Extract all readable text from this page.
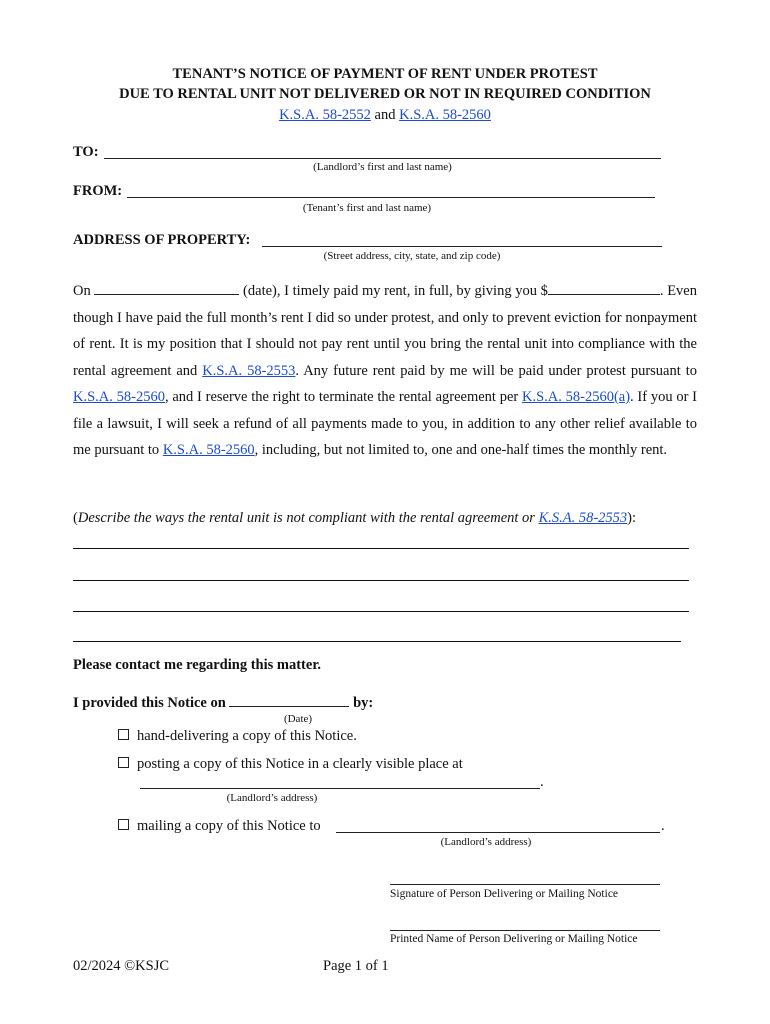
TENANT’S NOTICE OF PAYMENT OF RENT UNDER PROTEST
DUE TO RENTAL UNIT NOT DELIVERED OR NOT IN REQUIRED CONDITION
K.S.A. 58-2552 and K.S.A. 58-2560
TO:
(Landlord’s first and last name)
FROM:
(Tenant’s first and last name)
ADDRESS OF PROPERTY:
(Street address, city, state, and zip code)
On	(date), I timely paid my rent, in full, by giving you $	. Even though I have paid the full month’s rent I did so under protest, and only to prevent eviction for nonpayment of rent. It is my position that I should not pay rent until you bring the rental unit into compliance with the rental agreement and K.S.A. 58-2553. Any future rent paid by me will be paid under protest pursuant to K.S.A. 58-2560, and I reserve the right to terminate the rental agreement per K.S.A. 58-2560(a). If you or I file a lawsuit, I will seek a refund of all payments made to you, in addition to any other relief available to me pursuant to K.S.A. 58-2560, including, but not limited to, one and one-half times the monthly rent.
(Describe the ways the rental unit is not compliant with the rental agreement or K.S.A. 58-2553):
Please contact me regarding this matter.
I provided this Notice on	by:
(Date)
hand-delivering a copy of this Notice.
posting a copy of this Notice in a clearly visible place at
.
(Landlord’s address)
mailing a copy of this Notice to	.
(Landlord’s address)
Signature of Person Delivering or Mailing Notice
Printed Name of Person Delivering or Mailing Notice
02/2024 ©KSJC	Page 1 of 1
